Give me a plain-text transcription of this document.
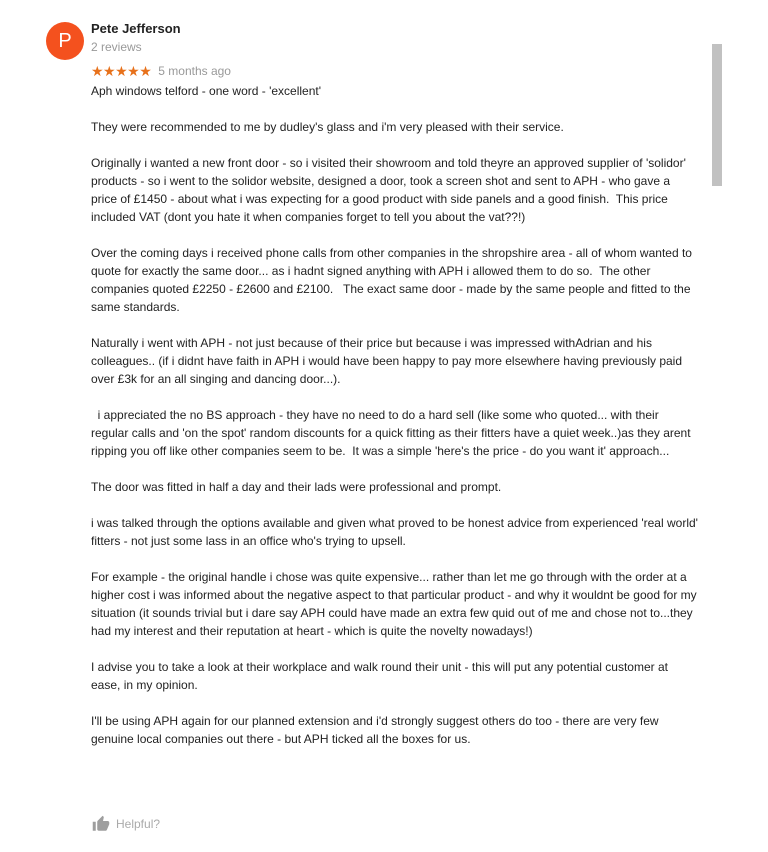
P
Pete Jefferson
2 reviews
★★★★★ 5 months ago

Aph windows telford - one word - 'excellent'

They were recommended to me by dudley's glass and i'm very pleased with their service.

Originally i wanted a new front door - so i visited their showroom and told theyre an approved supplier of 'solidor' products - so i went to the solidor website, designed a door, took a screen shot and sent to APH - who gave a price of £1450 - about what i was expecting for a good product with side panels and a good finish.  This price included VAT (dont you hate it when companies forget to tell you about the vat??!)

Over the coming days i received phone calls from other companies in the shropshire area - all of whom wanted to quote for exactly the same door... as i hadnt signed anything with APH i allowed them to do so.  The other companies quoted £2250 - £2600 and £2100.   The exact same door - made by the same people and fitted to the same standards.

Naturally i went with APH - not just because of their price but because i was impressed withAdrian and his colleagues.. (if i didnt have faith in APH i would have been happy to pay more elsewhere having previously paid over £3k for an all singing and dancing door...).

i appreciated the no BS approach - they have no need to do a hard sell (like some who quoted... with their regular calls and 'on the spot' random discounts for a quick fitting as their fitters have a quiet week..)as they arent ripping you off like other companies seem to be.  It was a simple 'here's the price - do you want it' approach...

The door was fitted in half a day and their lads were professional and prompt.

i was talked through the options available and given what proved to be honest advice from experienced 'real world' fitters - not just some lass in an office who's trying to upsell.

For example - the original handle i chose was quite expensive... rather than let me go through with the order at a higher cost i was informed about the negative aspect to that particular product - and why it wouldnt be good for my situation (it sounds trivial but i dare say APH could have made an extra few quid out of me and chose not to...they had my interest and their reputation at heart - which is quite the novelty nowadays!)

I advise you to take a look at their workplace and walk round their unit - this will put any potential customer at ease, in my opinion.

I'll be using APH again for our planned extension and i'd strongly suggest others do too - there are very few genuine local companies out there - but APH ticked all the boxes for us.

Helpful?
